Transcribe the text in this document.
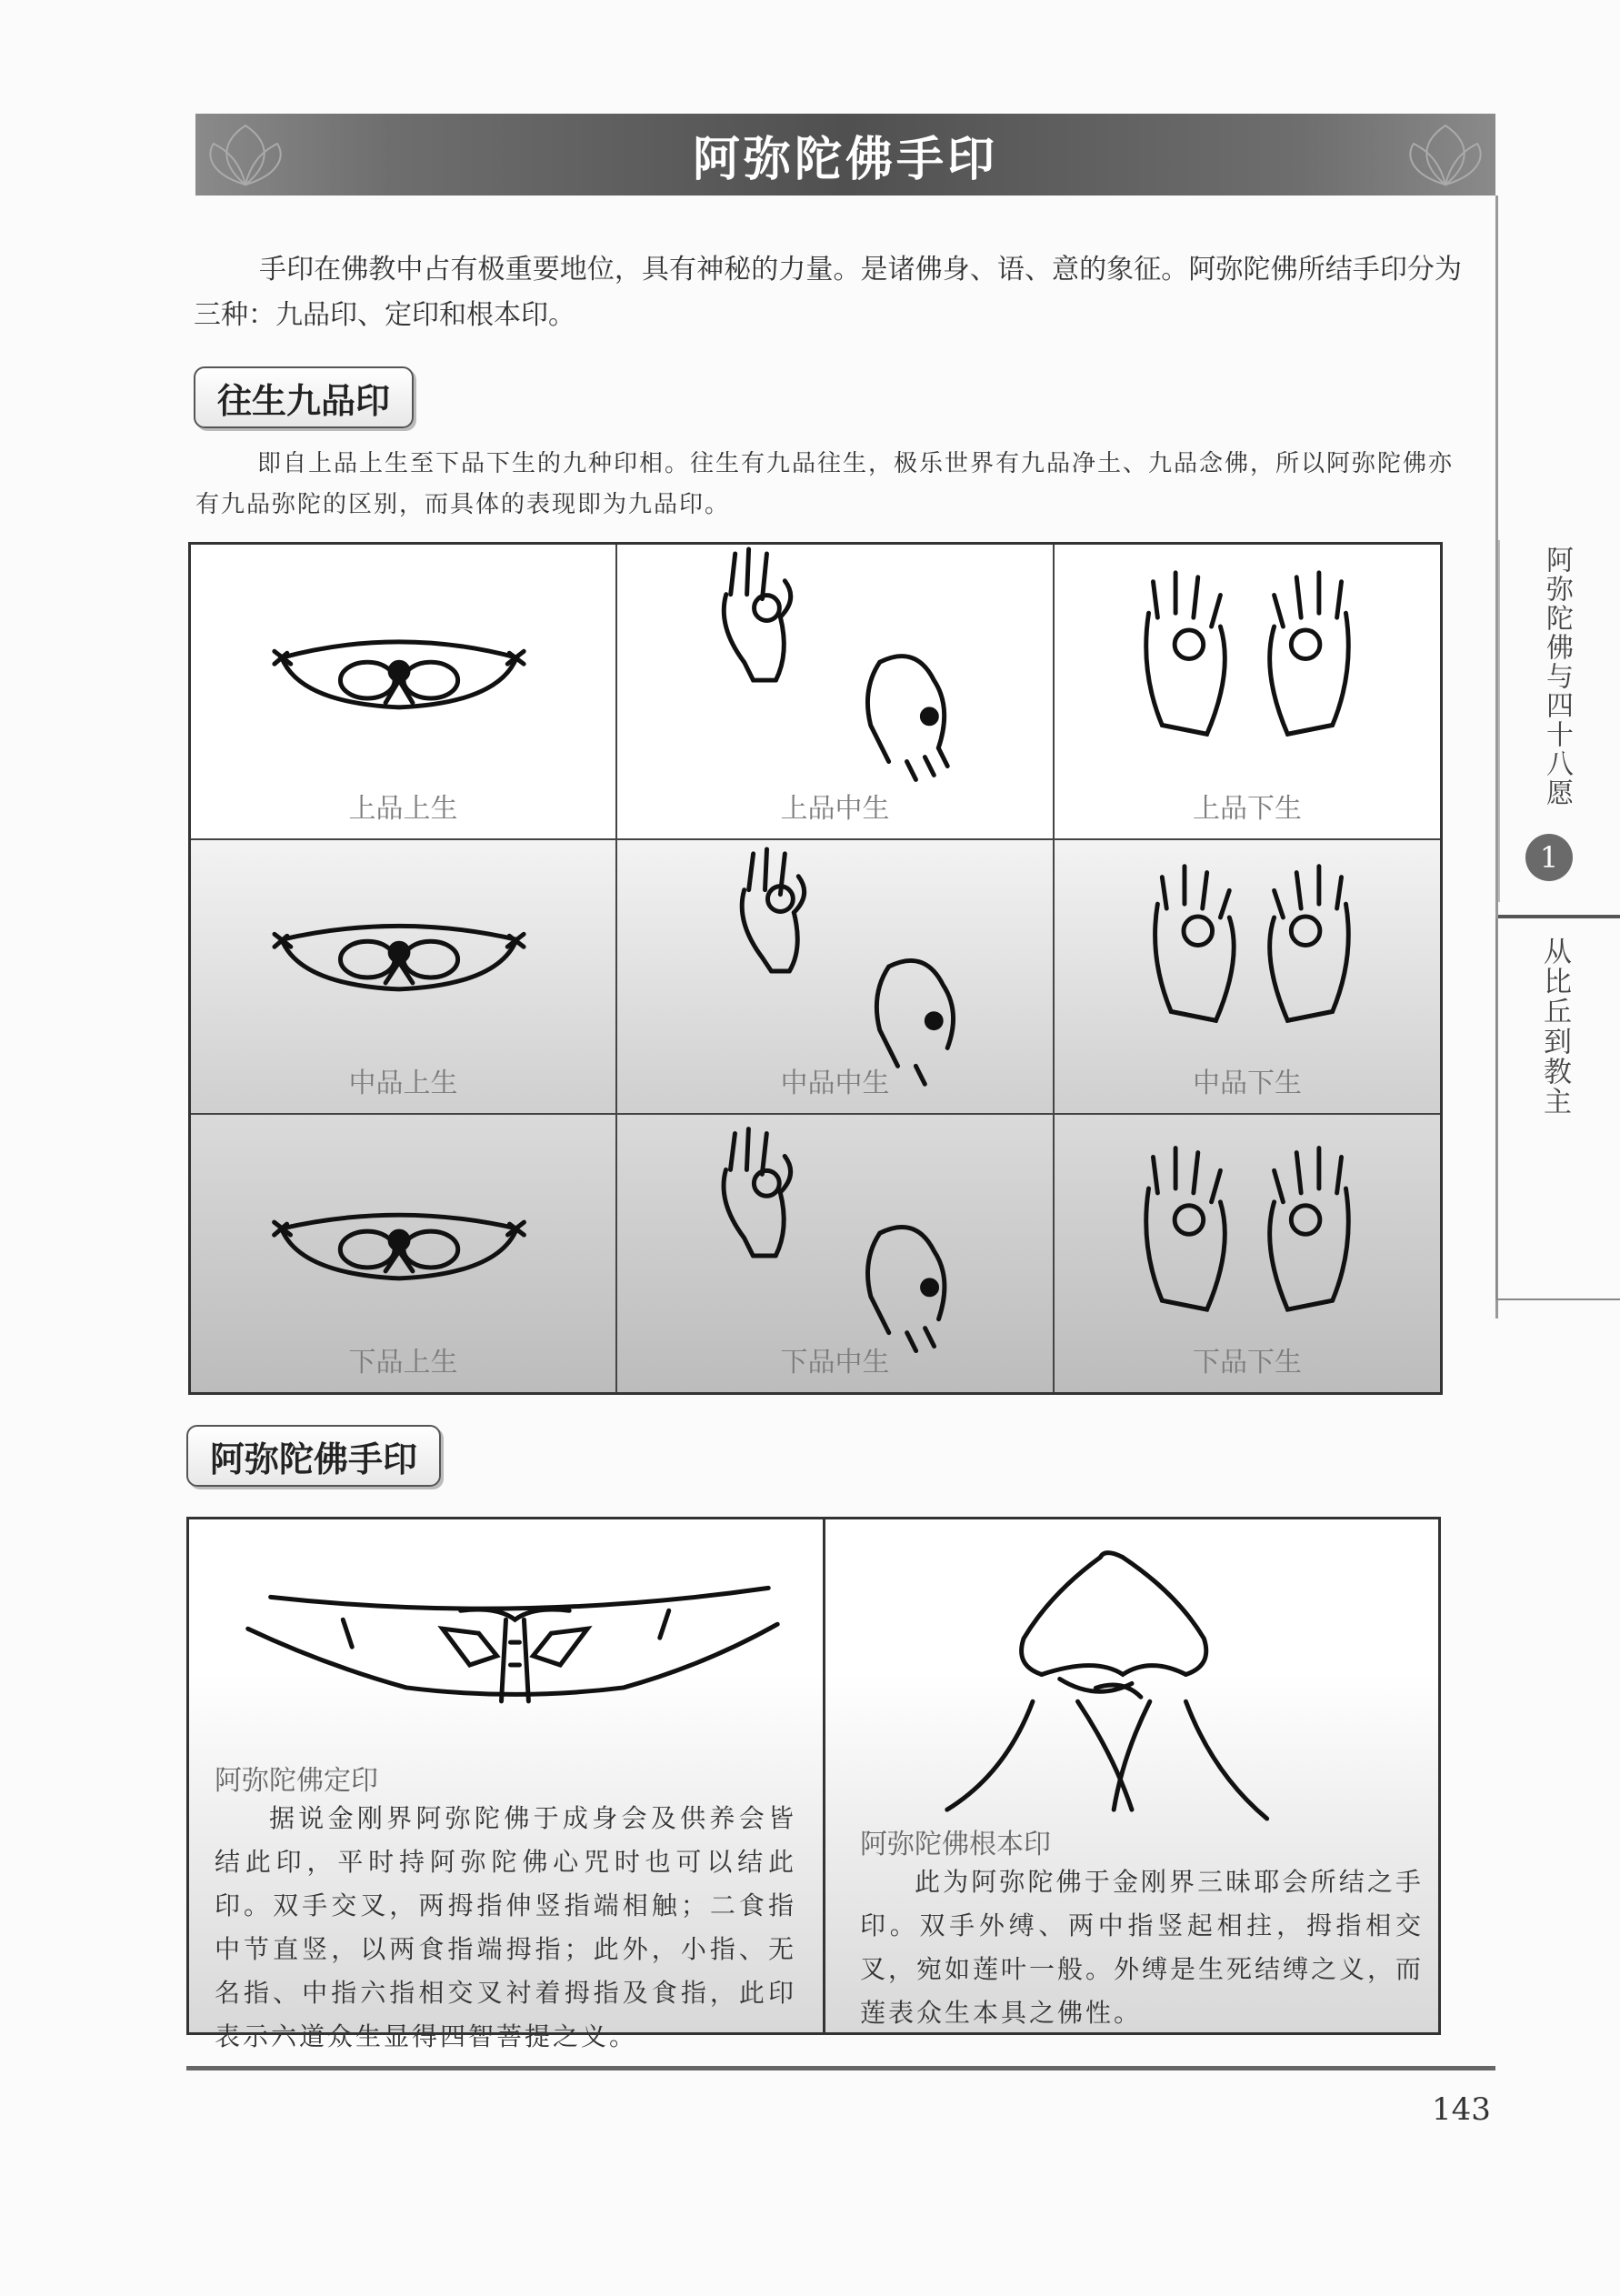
阿弥陀佛手印

手印在佛教中占有极重要地位，具有神秘的力量。是诸佛身、语、意的象征。阿弥陀佛所结手印分为三种：九品印、定印和根本印。

往生九品印

即自上品上生至下品下生的九种印相。往生有九品往生，极乐世界有九品净土、九品念佛，所以阿弥陀佛亦有九品弥陀的区别，而具体的表现即为九品印。

上品上生	上品中生	上品下生
中品上生	中品中生	中品下生
下品上生	下品中生	下品下生
阿弥陀佛手印
阿弥陀佛定印

据说金刚界阿弥陀佛于成身会及供养会皆结此印，平时持阿弥陀佛心咒时也可以结此印。双手交叉，两拇指伸竖指端相触；二食指中节直竖，以两食指端拇指；此外，小指、无名指、中指六指相交叉衬着拇指及食指，此印表示六道众生显得四智菩提之义。

阿弥陀佛根本印

此为阿弥陀佛于金刚界三昧耶会所结之手印。双手外缚、两中指竖起相拄，拇指相交叉，宛如莲叶一般。外缚是生死结缚之义，而莲表众生本具之佛性。

阿弥陀佛与四十八愿
1
从比丘到教主
143
